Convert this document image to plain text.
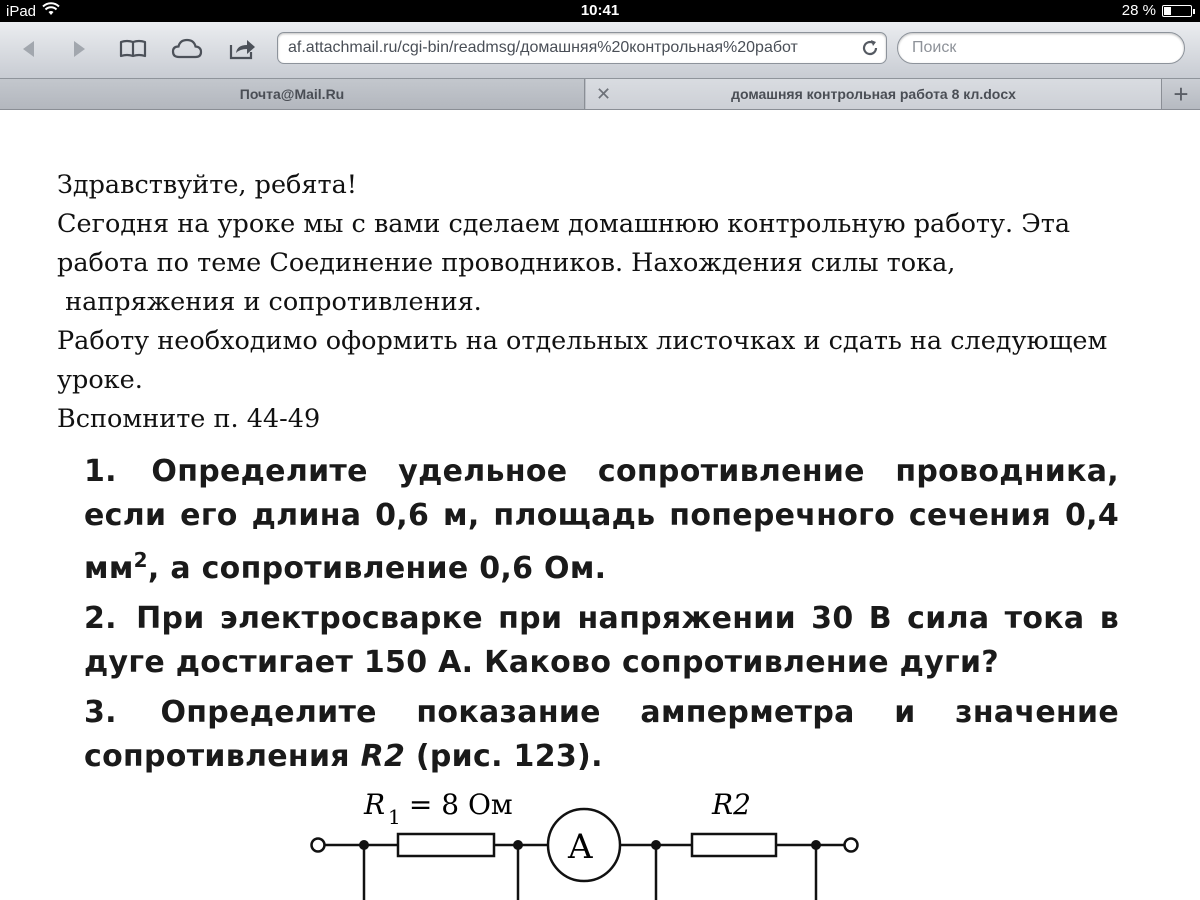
iPad	10:41	28 %
af.attachmail.ru/cgi-bin/readmsg/домашняя%20контрольная%20работ
Поиск
Почта@Mail.Ru	✕	домашняя контрольная работа 8 кл.docx	+

Здравствуйте, ребята!

Сегодня на уроке мы с вами сделаем домашнюю контрольную работу. Эта

работа по теме Соединение проводников. Нахождения силы тока,

напряжения и сопротивления.

Работу необходимо оформить на отдельных листочках и сдать на следующем

уроке.

Вспомните п. 44-49

1. Определите удельное сопротивление проводника, если его длина 0,6 м, площадь поперечного сечения 0,4 $мм^2$, а сопротивление 0,6 Ом.
2. При электросварке при напряжении 30 В сила тока в дуге достигает 150 А. Каково сопротивление дуги?
3. Определите показание амперметра и значение сопротивления R2 (рис. 123).
R 1 = 8 Ом	R2
A
